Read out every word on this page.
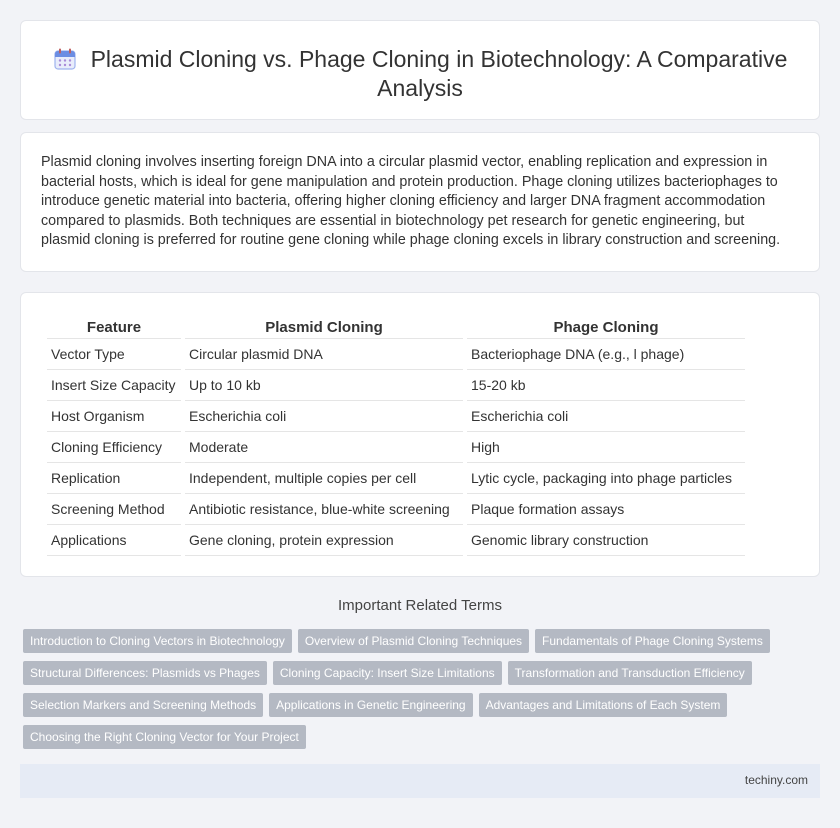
Plasmid Cloning vs. Phage Cloning in Biotechnology: A Comparative Analysis

Plasmid cloning involves inserting foreign DNA into a circular plasmid vector, enabling replication and expression in bacterial hosts, which is ideal for gene manipulation and protein production. Phage cloning utilizes bacteriophages to introduce genetic material into bacteria, offering higher cloning efficiency and larger DNA fragment accommodation compared to plasmids. Both techniques are essential in biotechnology pet research for genetic engineering, but plasmid cloning is preferred for routine gene cloning while phage cloning excels in library construction and screening.

Feature	Plasmid Cloning	Phage Cloning
Vector Type	Circular plasmid DNA	Bacteriophage DNA (e.g., l phage)
Insert Size Capacity	Up to 10 kb	15-20 kb
Host Organism	Escherichia coli	Escherichia coli
Cloning Efficiency	Moderate	High
Replication	Independent, multiple copies per cell	Lytic cycle, packaging into phage particles
Screening Method	Antibiotic resistance, blue-white screening	Plaque formation assays
Applications	Gene cloning, protein expression	Genomic library construction
Important Related Terms
Introduction to Cloning Vectors in Biotechnology Overview of Plasmid Cloning Techniques Fundamentals of Phage Cloning Systems
Structural Differences: Plasmids vs Phages Cloning Capacity: Insert Size Limitations Transformation and Transduction Efficiency
Selection Markers and Screening Methods Applications in Genetic Engineering Advantages and Limitations of Each System
Choosing the Right Cloning Vector for Your Project
techiny.com
